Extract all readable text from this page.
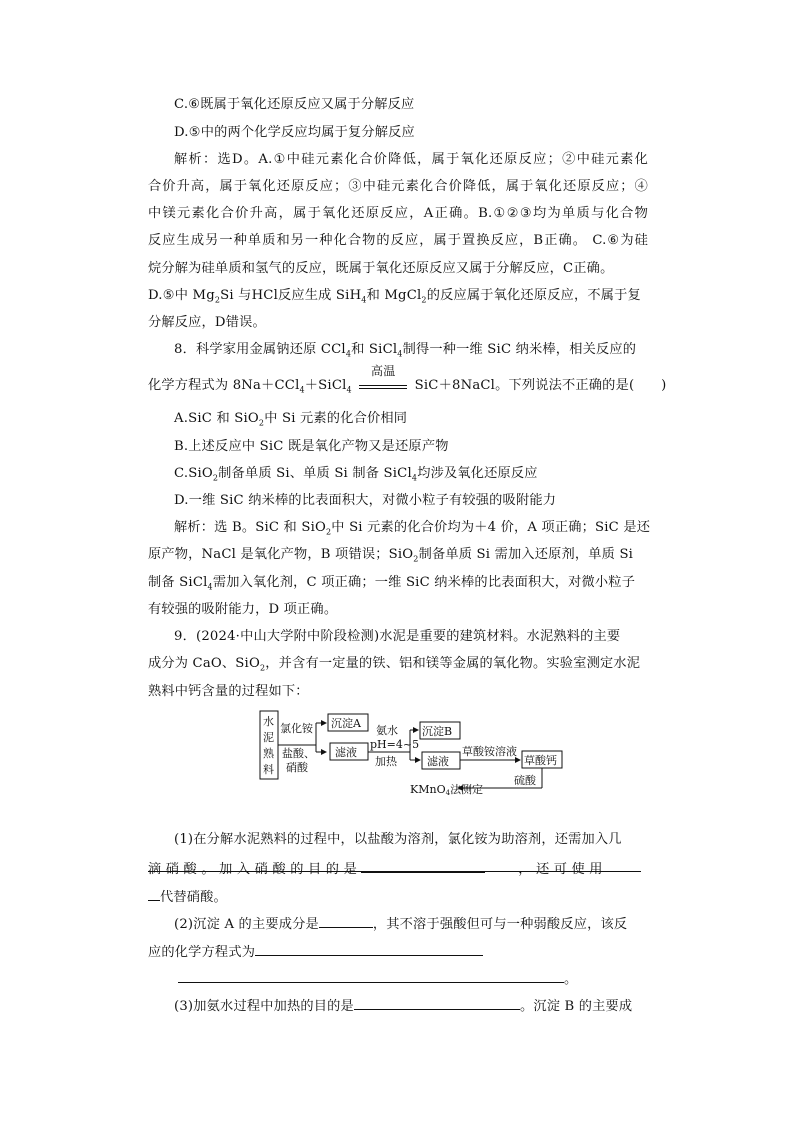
C.⑥既属于氧化还原反应又属于分解反应
D.⑤中的两个化学反应均属于复分解反应
解析：选D。A.①中硅元素化合价降低，属于氧化还原反应；②中硅元素化
合价升高，属于氧化还原反应；③中硅元素化合价降低，属于氧化还原反应；④
中镁元素化合价升高，属于氧化还原反应，A正确。B.①②③均为单质与化合物
反应生成另一种单质和另一种化合物的反应，属于置换反应，B正确。 C.⑥为硅
烷分解为硅单质和氢气的反应，既属于氧化还原反应又属于分解反应，C正确。
D.⑤中 $Mg_2Si$ 与HCl反应生成 SiH$_4$和 MgCl$_2$的反应属于氧化还原反应，不属于复
分解反应，D错误。
8．科学家用金属钠还原 CCl$_4$和 SiCl$_4$制得一种一维 SiC 纳米棒，相关反应的
化学方程式为 8Na＋CCl$_4$＋SiCl$_4$
高温
SiC＋8NaCl。下列说法不正确的是(　　)
A.SiC 和 SiO$_2$中 Si 元素的化合价相同
B.上述反应中 SiC 既是氧化产物又是还原产物
C.SiO$_2$制备单质 Si、单质 Si 制备 SiCl$_4$均涉及氧化还原反应
D.一维 SiC 纳米棒的比表面积大，对微小粒子有较强的吸附能力
解析：选 B。SiC 和 SiO$_2$中 Si 元素的化合价均为＋4 价，A 项正确；SiC 是还
原产物，NaCl 是氧化产物，B 项错误；SiO$_2$制备单质 Si 需加入还原剂，单质 Si
制备 SiCl$_4$需加入氧化剂，C 项正确；一维 SiC 纳米棒的比表面积大，对微小粒子
有较强的吸附能力，D 项正确。
9．(2024·中山大学附中阶段检测)水泥是重要的建筑材料。水泥熟料的主要
成分为 CaO、SiO$_2$，并含有一定量的铁、铝和镁等金属的氧化物。实验室测定水泥
熟料中钙含量的过程如下：
水
泥
熟
料
氯化铵
盐酸、
硝酸
沉淀A
滤液
氨水
pH=4~5
加热
沉淀B
滤液
草酸铵溶液
草酸钙
硫酸
KMnO4法测定
(1)在分解水泥熟料的过程中，以盐酸为溶剂，氯化铵为助溶剂，还需加入几
滴 硝 酸 。 加 入 硝 酸 的 目 的 是	， 还 可 使 用
代替硝酸。
(2)沉淀 A 的主要成分是	，其不溶于强酸但可与一种弱酸反应，该反
应的化学方程式为
。
(3)加氨水过程中加热的目的是	。沉淀 B 的主要成
